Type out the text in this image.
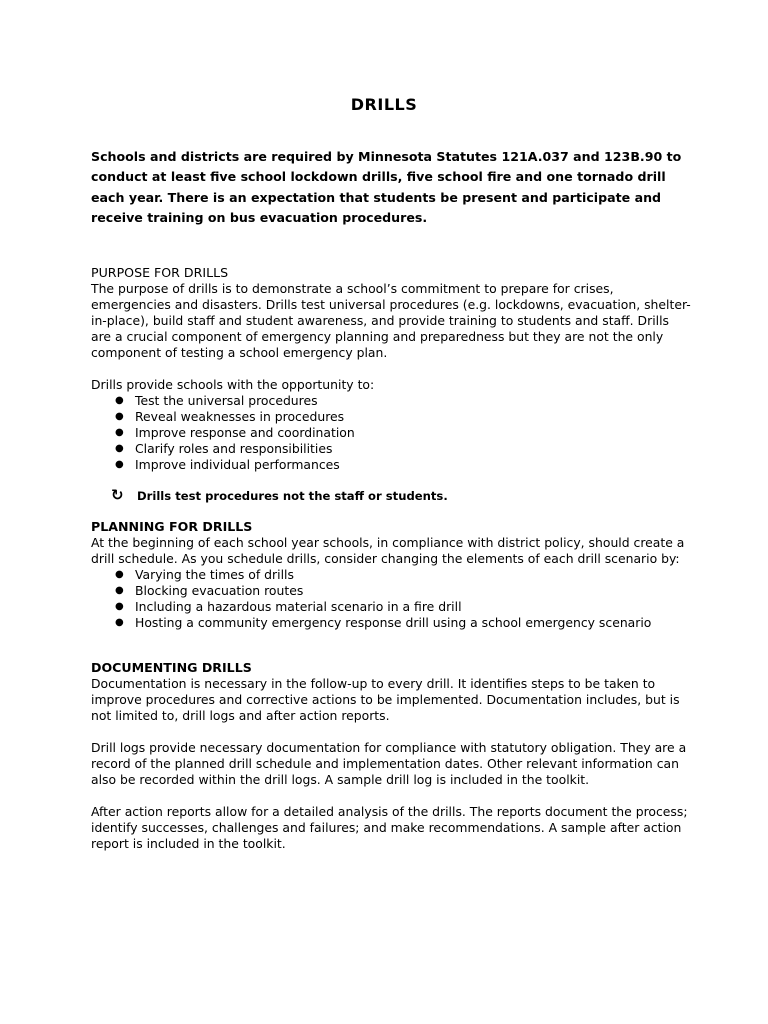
DRILLS
Schools and districts are required by Minnesota Statutes 121A.037 and 123B.90 to conduct at least five school lockdown drills, five school fire and one tornado drill each year. There is an expectation that students be present and participate and receive training on bus evacuation procedures.
PURPOSE FOR DRILLS
The purpose of drills is to demonstrate a school’s commitment to prepare for crises, emergencies and disasters. Drills test universal procedures (e.g. lockdowns, evacuation, shelter-in-place), build staff and student awareness, and provide training to students and staff. Drills are a crucial component of emergency planning and preparedness but they are not the only component of testing a school emergency plan.
Drills provide schools with the opportunity to:
● Test the universal procedures
● Reveal weaknesses in procedures
● Improve response and coordination
● Clarify roles and responsibilities
● Improve individual performances
↻ Drills test procedures not the staff or students.
PLANNING FOR DRILLS
At the beginning of each school year schools, in compliance with district policy, should create a drill schedule. As you schedule drills, consider changing the elements of each drill scenario by:
● Varying the times of drills
● Blocking evacuation routes
● Including a hazardous material scenario in a fire drill
● Hosting a community emergency response drill using a school emergency scenario
DOCUMENTING DRILLS
Documentation is necessary in the follow-up to every drill. It identifies steps to be taken to improve procedures and corrective actions to be implemented. Documentation includes, but is not limited to, drill logs and after action reports.
Drill logs provide necessary documentation for compliance with statutory obligation. They are a record of the planned drill schedule and implementation dates. Other relevant information can also be recorded within the drill logs. A sample drill log is included in the toolkit.
After action reports allow for a detailed analysis of the drills. The reports document the process; identify successes, challenges and failures; and make recommendations. A sample after action report is included in the toolkit.
